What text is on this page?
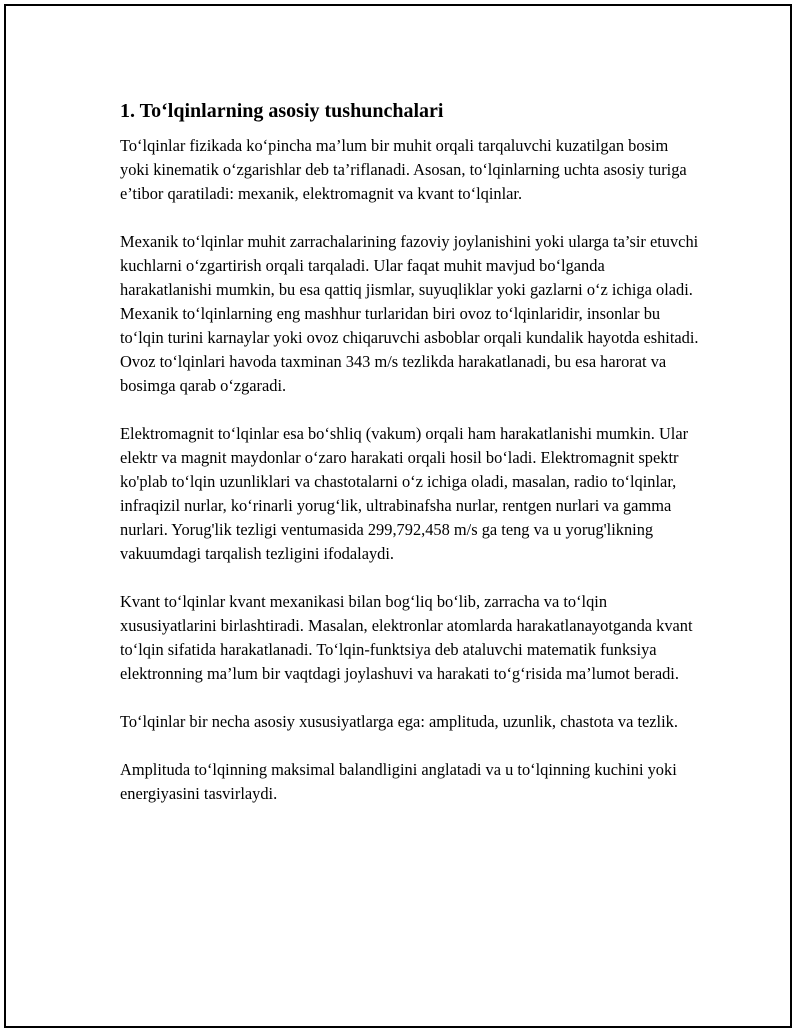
1. To‘lqinlarning asosiy tushunchalari

To‘lqinlar fizikada ko‘pincha ma’lum bir muhit orqali tarqaluvchi kuzatilgan bosim yoki kinematik o‘zgarishlar deb ta’riflanadi. Asosan, to‘lqinlarning uchta asosiy turiga e’tibor qaratiladi: mexanik, elektromagnit va kvant to‘lqinlar.

Mexanik to‘lqinlar muhit zarrachalarining fazoviy joylanishini yoki ularga ta’sir etuvchi kuchlarni o‘zgartirish orqali tarqaladi. Ular faqat muhit mavjud bo‘lganda harakatlanishi mumkin, bu esa qattiq jismlar, suyuqliklar yoki gazlarni o‘z ichiga oladi. Mexanik to‘lqinlarning eng mashhur turlaridan biri ovoz to‘lqinlaridir, insonlar bu to‘lqin turini karnaylar yoki ovoz chiqaruvchi asboblar orqali kundalik hayotda eshitadi. Ovoz to‘lqinlari havoda taxminan 343 m/s tezlikda harakatlanadi, bu esa harorat va bosimga qarab o‘zgaradi.

Elektromagnit to‘lqinlar esa bo‘shliq (vakum) orqali ham harakatlanishi mumkin. Ular elektr va magnit maydonlar o‘zaro harakati orqali hosil bo‘ladi. Elektromagnit spektr ko'plab to‘lqin uzunliklari va chastotalarni o‘z ichiga oladi, masalan, radio to‘lqinlar, infraqizil nurlar, ko‘rinarli yorug‘lik, ultrabinafsha nurlar, rentgen nurlari va gamma nurlari. Yorug'lik tezligi ventumasida 299,792,458 m/s ga teng va u yorug'likning vakuumdagi tarqalish tezligini ifodalaydi.

Kvant to‘lqinlar kvant mexanikasi bilan bog‘liq bo‘lib, zarracha va to‘lqin xususiyatlarini birlashtiradi. Masalan, elektronlar atomlarda harakatlanayotganda kvant to‘lqin sifatida harakatlanadi. To‘lqin-funktsiya deb ataluvchi matematik funksiya elektronning ma’lum bir vaqtdagi joylashuvi va harakati to‘g‘risida ma’lumot beradi.

To‘lqinlar bir necha asosiy xususiyatlarga ega: amplituda, uzunlik, chastota va tezlik.

Amplituda to‘lqinning maksimal balandligini anglatadi va u to‘lqinning kuchini yoki energiyasini tasvirlaydi.
